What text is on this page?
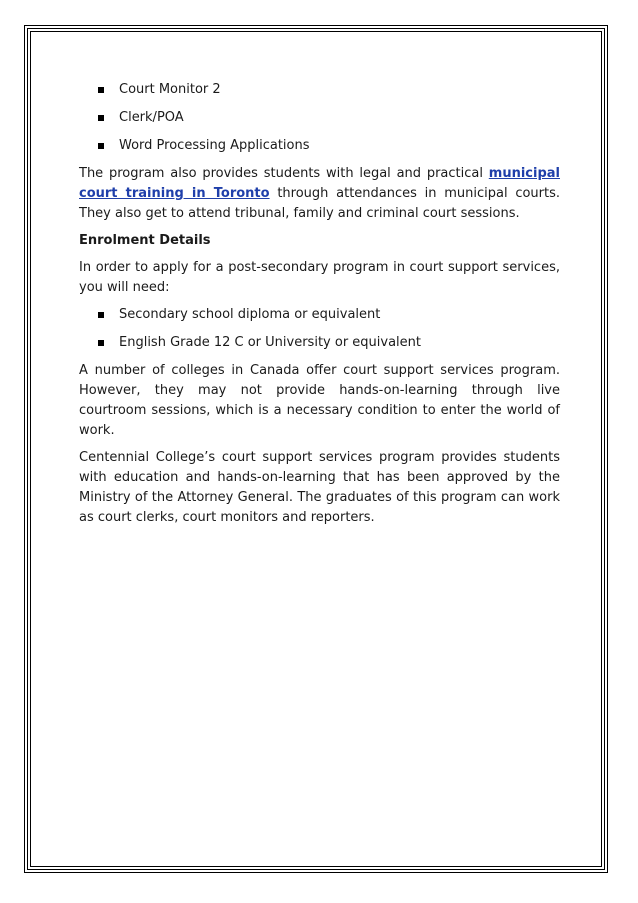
Court Monitor 2
Clerk/POA
Word Processing Applications

The program also provides students with legal and practical municipal court training in Toronto through attendances in municipal courts. They also get to attend tribunal, family and criminal court sessions.

Enrolment Details

In order to apply for a post-secondary program in court support services, you will need:

Secondary school diploma or equivalent
English Grade 12 C or University or equivalent

A number of colleges in Canada offer court support services program. However, they may not provide hands-on-learning through live courtroom sessions, which is a necessary condition to enter the world of work.

Centennial College’s court support services program provides students with education and hands-on-learning that has been approved by the Ministry of the Attorney General. The graduates of this program can work as court clerks, court monitors and reporters.
